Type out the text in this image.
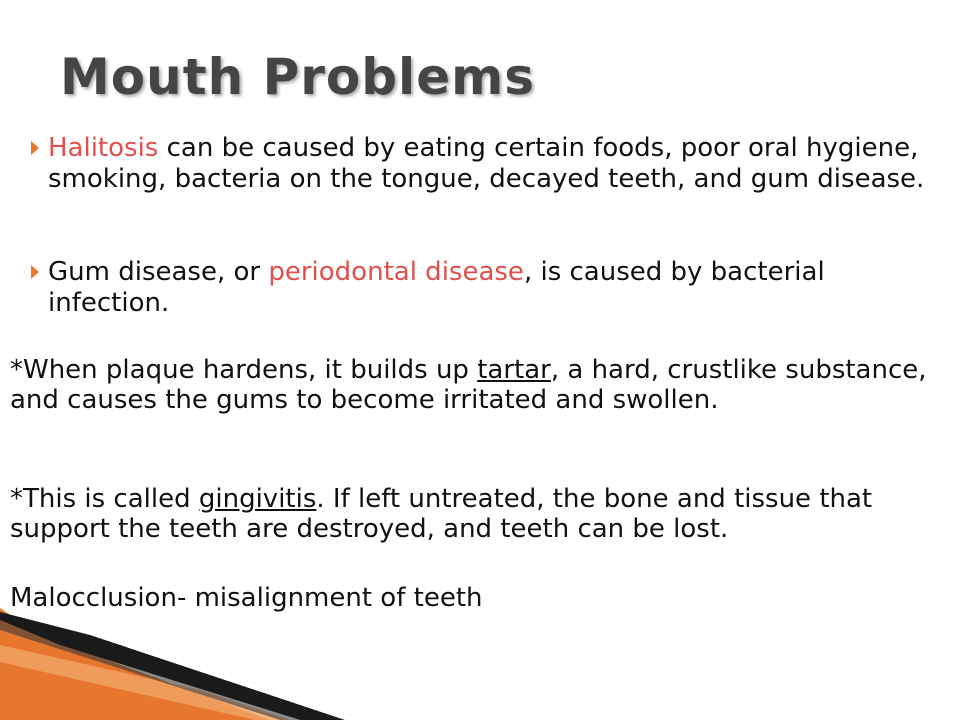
Mouth Problems
Halitosis can be caused by eating certain foods, poor oral hygiene, smoking, bacteria on the tongue, decayed teeth, and gum disease.
Gum disease, or periodontal disease, is caused by bacterial infection.
*When plaque hardens, it builds up tartar, a hard, crustlike substance, and causes the gums to become irritated and swollen.
*This is called gingivitis. If left untreated, the bone and tissue that support the teeth are destroyed, and teeth can be lost.
Malocclusion- misalignment of teeth
